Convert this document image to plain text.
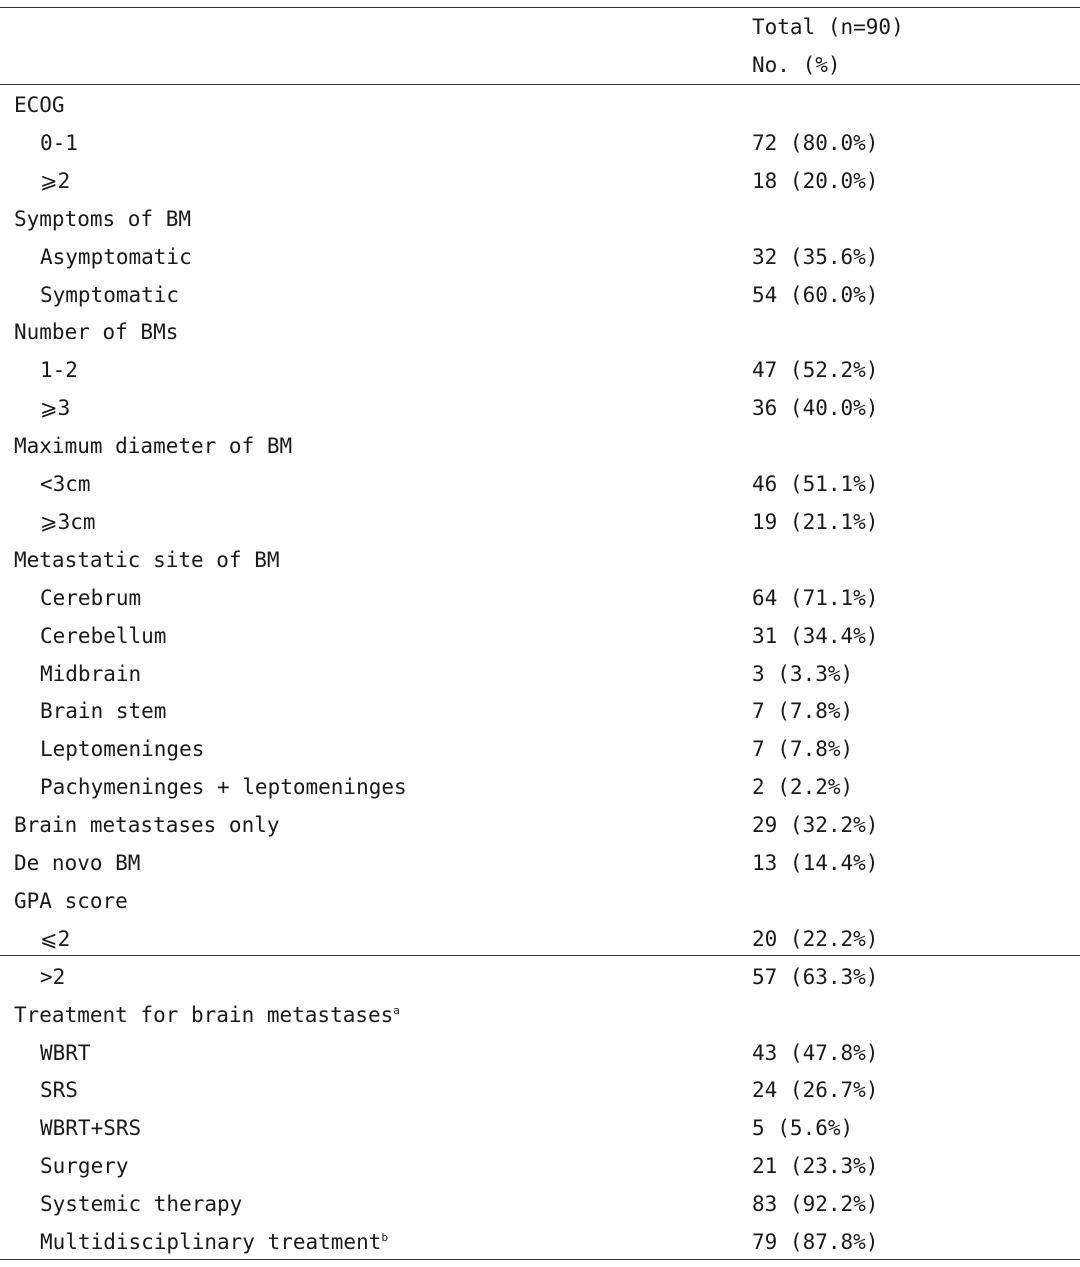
Total (n=90)
No. (%)
ECOG
0-1	72 (80.0%)
⩾2	18 (20.0%)
Symptoms of BM
Asymptomatic	32 (35.6%)
Symptomatic	54 (60.0%)
Number of BMs
1-2	47 (52.2%)
⩾3	36 (40.0%)
Maximum diameter of BM
<3cm	46 (51.1%)
⩾3cm	19 (21.1%)
Metastatic site of BM
Cerebrum	64 (71.1%)
Cerebellum	31 (34.4%)
Midbrain	3 (3.3%)
Brain stem	7 (7.8%)
Leptomeninges	7 (7.8%)
Pachymeninges + leptomeninges	2 (2.2%)
Brain metastases only	29 (32.2%)
De novo BM	13 (14.4%)
GPA score
⩽2	20 (22.2%)
>2	57 (63.3%)
Treatment for brain metastases$^a$
WBRT	43 (47.8%)
SRS	24 (26.7%)
WBRT+SRS	5 (5.6%)
Surgery	21 (23.3%)
Systemic therapy	83 (92.2%)
Multidisciplinary treatment$^b$	79 (87.8%)
